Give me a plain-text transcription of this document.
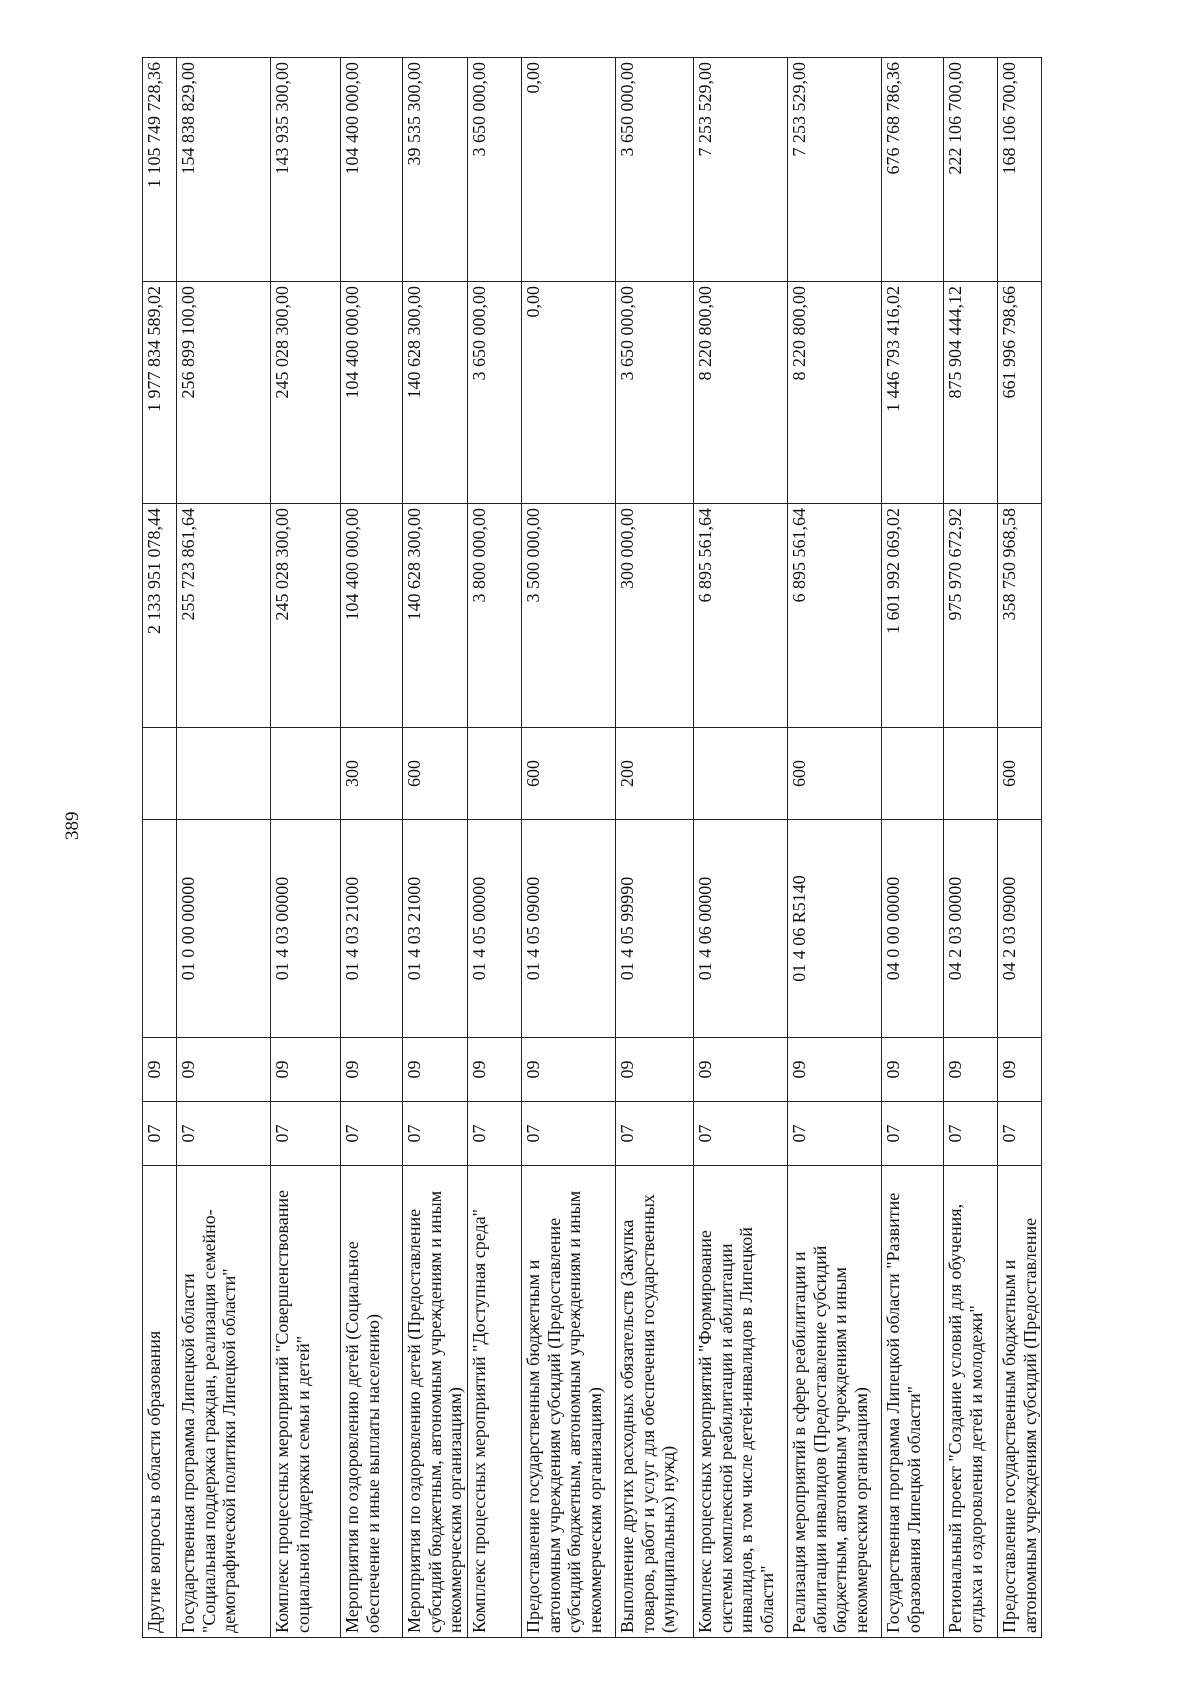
389
Другие вопросы в области образования	07	09			2 133 951 078,44	1 977 834 589,02	1 105 749 728,36
Государственная программа Липецкой области "Социальная поддержка граждан, реализация семейно-демографической политики Липецкой области"	07	09	01 0 00 00000		255 723 861,64	256 899 100,00	154 838 829,00
Комплекс процессных мероприятий "Совершенствование социальной поддержки семьи и детей"	07	09	01 4 03 00000		245 028 300,00	245 028 300,00	143 935 300,00
Мероприятия по оздоровлению детей (Социальное обеспечение и иные выплаты населению)	07	09	01 4 03 21000	300	104 400 000,00	104 400 000,00	104 400 000,00
Мероприятия по оздоровлению детей (Предоставление субсидий бюджетным, автономным учреждениям и иным некоммерческим организациям)	07	09	01 4 03 21000	600	140 628 300,00	140 628 300,00	39 535 300,00
Комплекс процессных мероприятий "Доступная среда"	07	09	01 4 05 00000		3 800 000,00	3 650 000,00	3 650 000,00
Предоставление государственным бюджетным и автономным учреждениям субсидий (Предоставление субсидий бюджетным, автономным учреждениям и иным некоммерческим организациям)	07	09	01 4 05 09000	600	3 500 000,00	0,00	0,00
Выполнение других расходных обязательств (Закупка товаров, работ и услуг для обеспечения государственных (муниципальных) нужд)	07	09	01 4 05 99990	200	300 000,00	3 650 000,00	3 650 000,00
Комплекс процессных мероприятий "Формирование системы комплексной реабилитации и абилитации инвалидов, в том числе детей-инвалидов в Липецкой области"	07	09	01 4 06 00000		6 895 561,64	8 220 800,00	7 253 529,00
Реализация мероприятий в сфере реабилитации и абилитации инвалидов (Предоставление субсидий бюджетным, автономным учреждениям и иным некоммерческим организациям)	07	09	01 4 06 R5140	600	6 895 561,64	8 220 800,00	7 253 529,00
Государственная программа Липецкой области "Развитие образования Липецкой области"	07	09	04 0 00 00000		1 601 992 069,02	1 446 793 416,02	676 768 786,36
Региональный проект "Создание условий для обучения, отдыха и оздоровления детей и молодежи"	07	09	04 2 03 00000		975 970 672,92	875 904 444,12	222 106 700,00
Предоставление государственным бюджетным и автономным учреждениям субсидий (Предоставление	07	09	04 2 03 09000	600	358 750 968,58	661 996 798,66	168 106 700,00
